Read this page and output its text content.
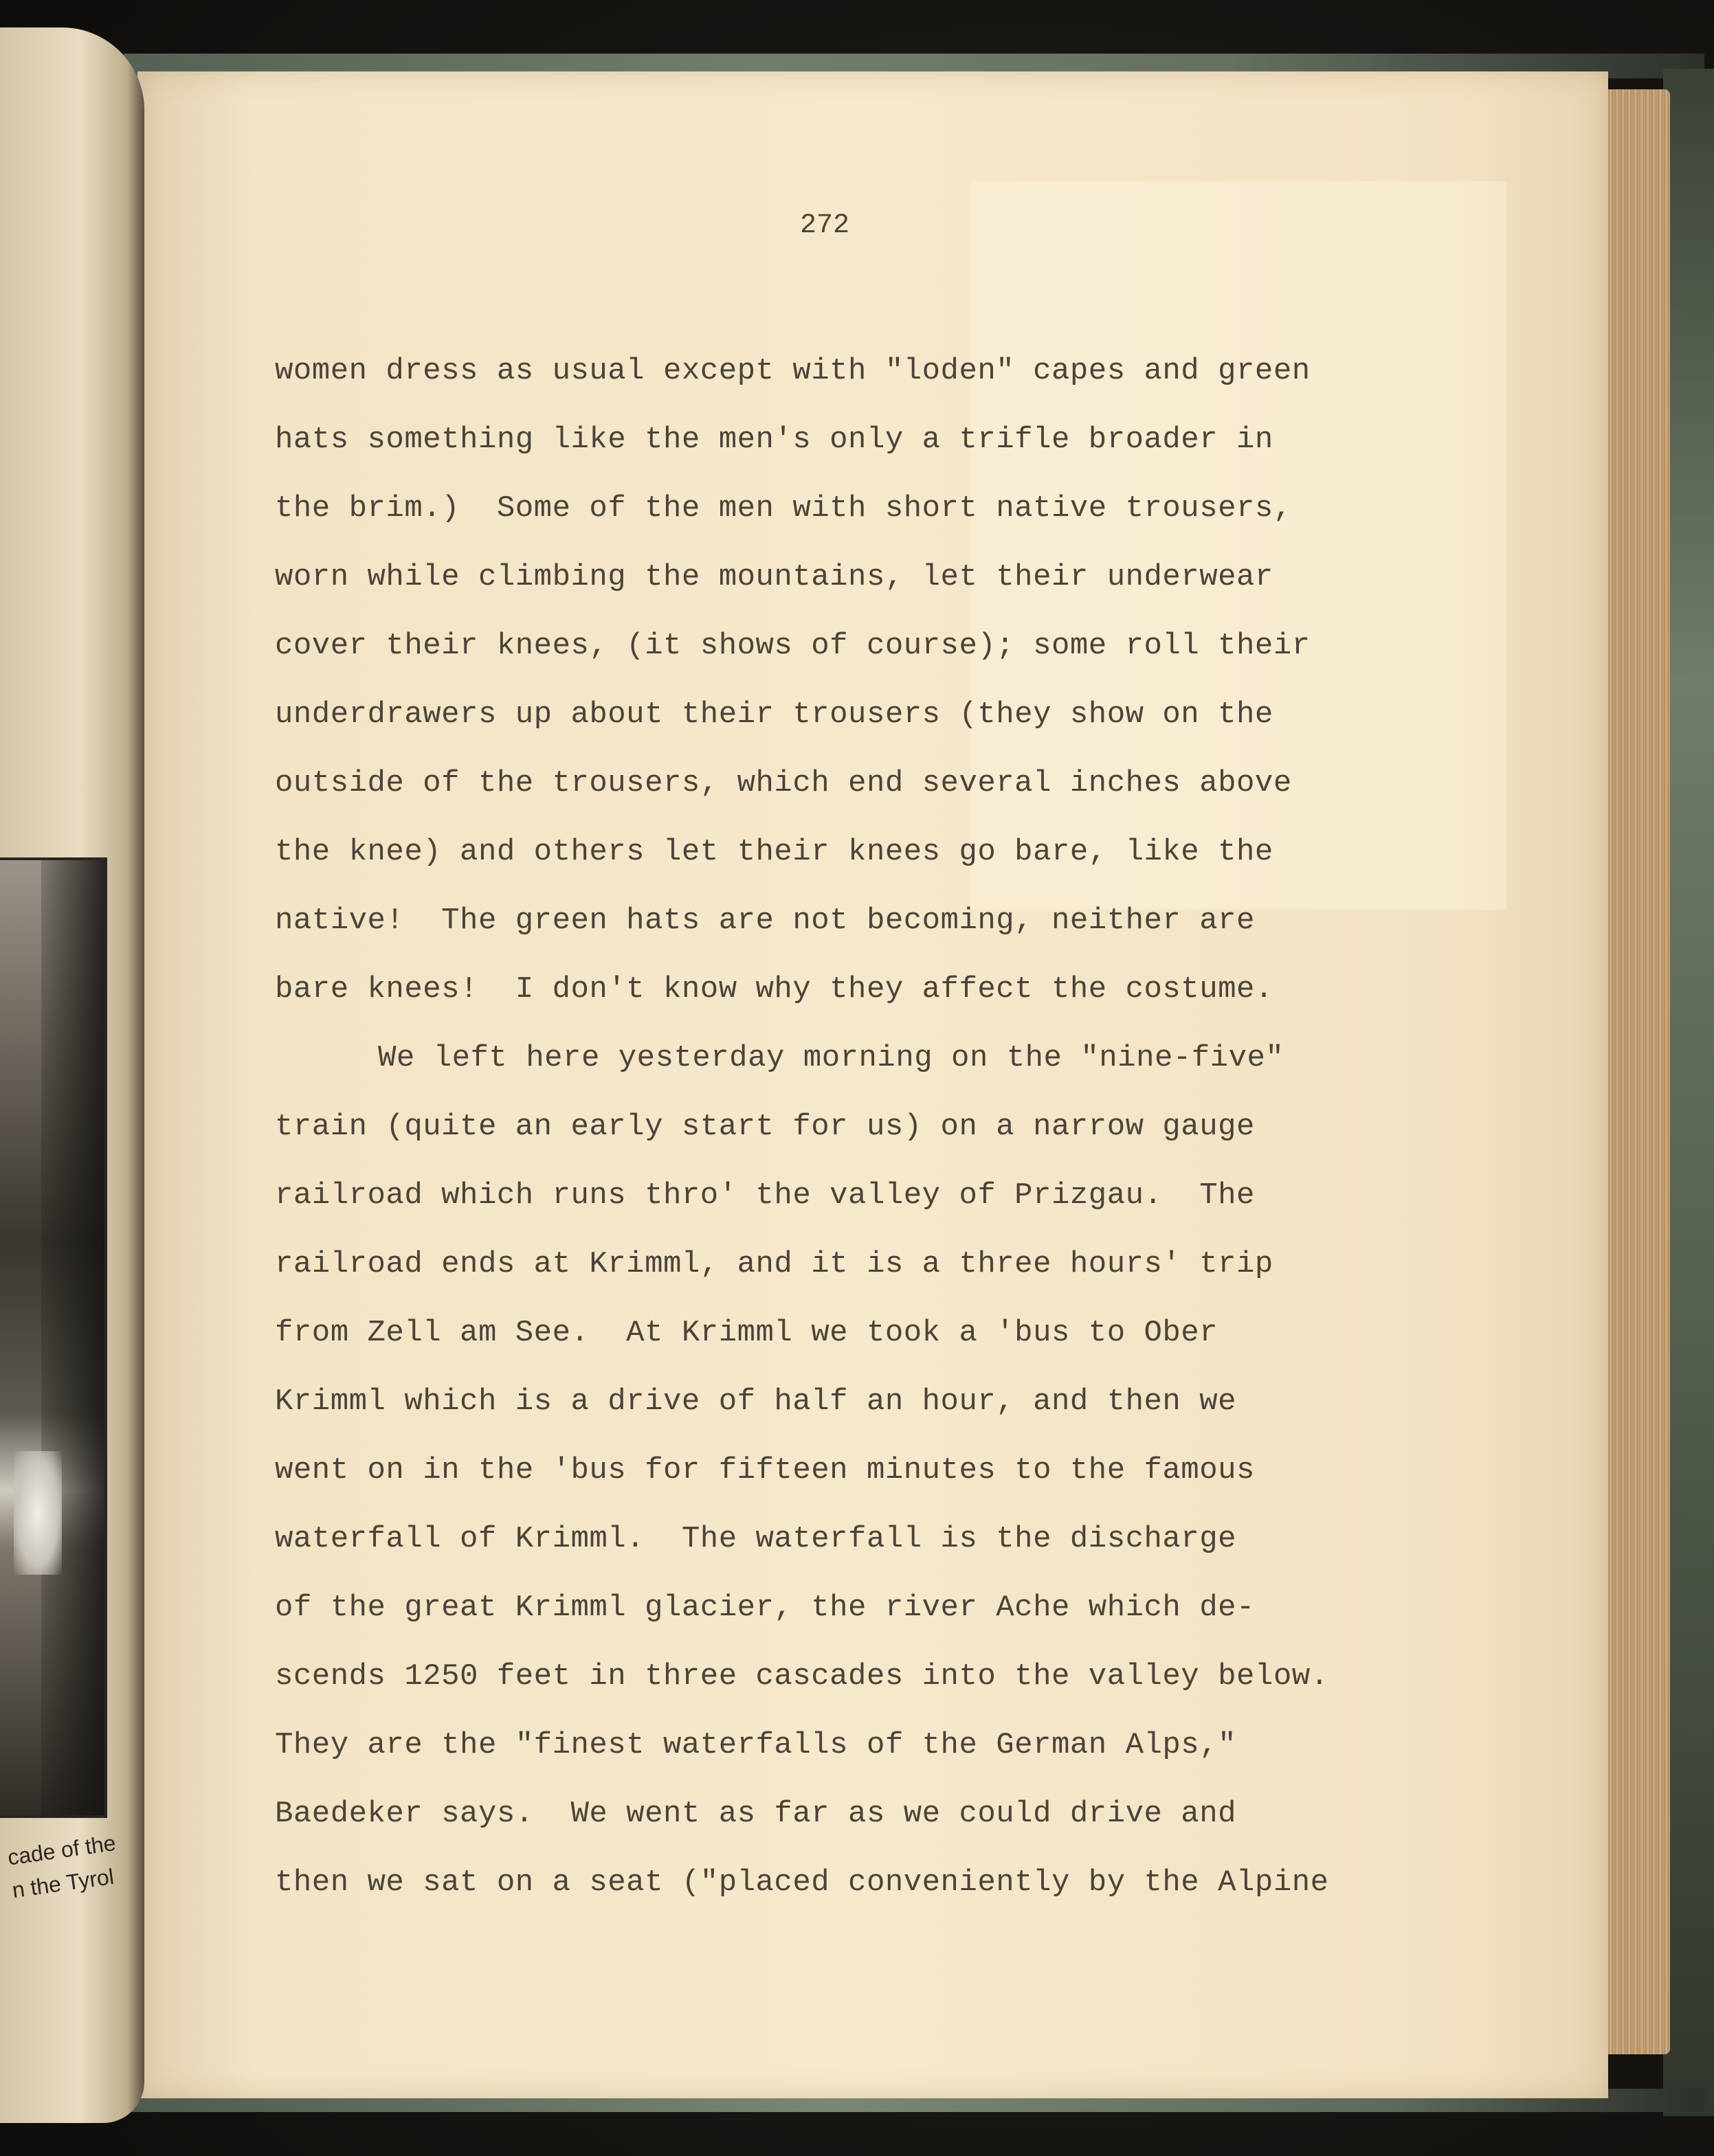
cade of the
n the Tyrol
272
women dress as usual except with "loden" capes and green
hats something like the men's only a trifle broader in
the brim.)  Some of the men with short native trousers,
worn while climbing the mountains, let their underwear
cover their knees, (it shows of course); some roll their
underdrawers up about their trousers (they show on the
outside of the trousers, which end several inches above
the knee) and others let their knees go bare, like the
native!  The green hats are not becoming, neither are
bare knees!  I don't know why they affect the costume.
We left here yesterday morning on the "nine-five"
train (quite an early start for us) on a narrow gauge
railroad which runs thro' the valley of Prizgau.  The
railroad ends at Krimml, and it is a three hours' trip
from Zell am See.  At Krimml we took a 'bus to Ober
Krimml which is a drive of half an hour, and then we
went on in the 'bus for fifteen minutes to the famous
waterfall of Krimml.  The waterfall is the discharge
of the great Krimml glacier, the river Ache which de-
scends 1250 feet in three cascades into the valley below.
They are the "finest waterfalls of the German Alps,"
Baedeker says.  We went as far as we could drive and
then we sat on a seat ("placed conveniently by the Alpine
